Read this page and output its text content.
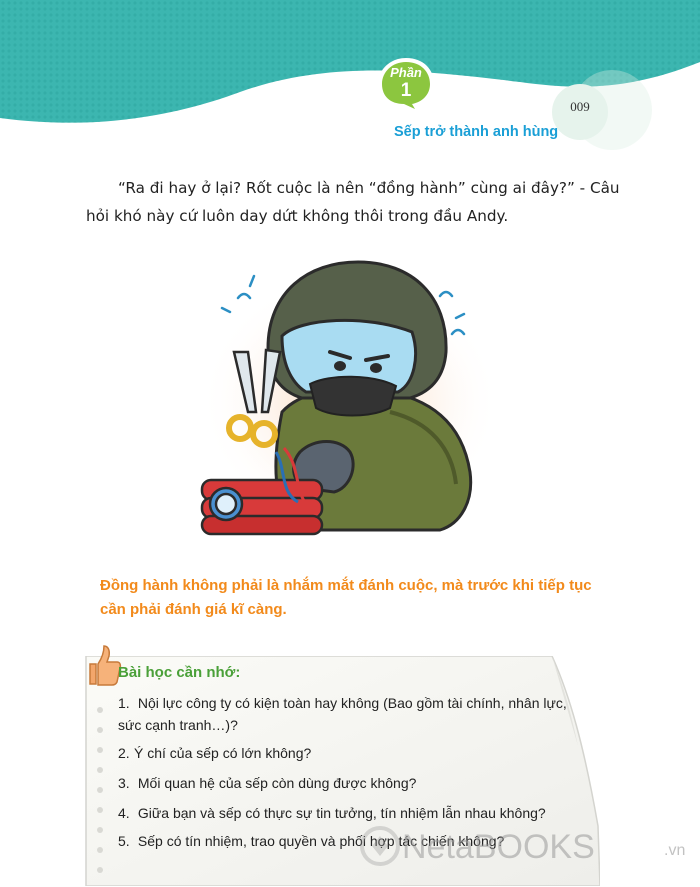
Phần
1
Sếp trở thành anh hùng
009

“Ra đi hay ở lại? Rốt cuộc là nên “đồng hành” cùng ai đây?” - Câu hỏi khó này cứ luôn day dứt không thôi trong đầu Andy.

Đồng hành không phải là nhắm mắt đánh cuộc, mà trước khi tiếp tục cần phải đánh giá kĩ càng.

Bài học cần nhớ:
1. Nội lực công ty có kiện toàn hay không (Bao gồm tài chính, nhân lực, sức cạnh tranh…)?
2. Ý chí của sếp có lớn không?
3. Mối quan hệ của sếp còn dùng được không?
4. Giữa bạn và sếp có thực sự tin tưởng, tín nhiệm lẫn nhau không?
5. Sếp có tín nhiệm, trao quyền và phối hợp tác chiến không?
NetaBOOKS	.vn
